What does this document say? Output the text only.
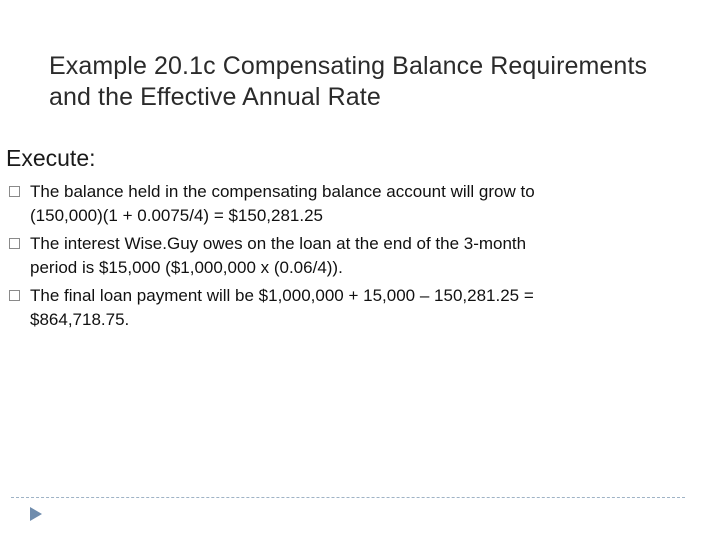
Example 20.1c Compensating Balance Requirements
and the Effective Annual Rate
Execute:
The balance held in the compensating balance account will grow to
(150,000)(1 + 0.0075/4) = $150,281.25
The interest Wise.Guy owes on the loan at the end of the 3-month
period is $15,000 ($1,000,000 x (0.06/4)).
The final loan payment will be $1,000,000 + 15,000 – 150,281.25 =
$864,718.75.
